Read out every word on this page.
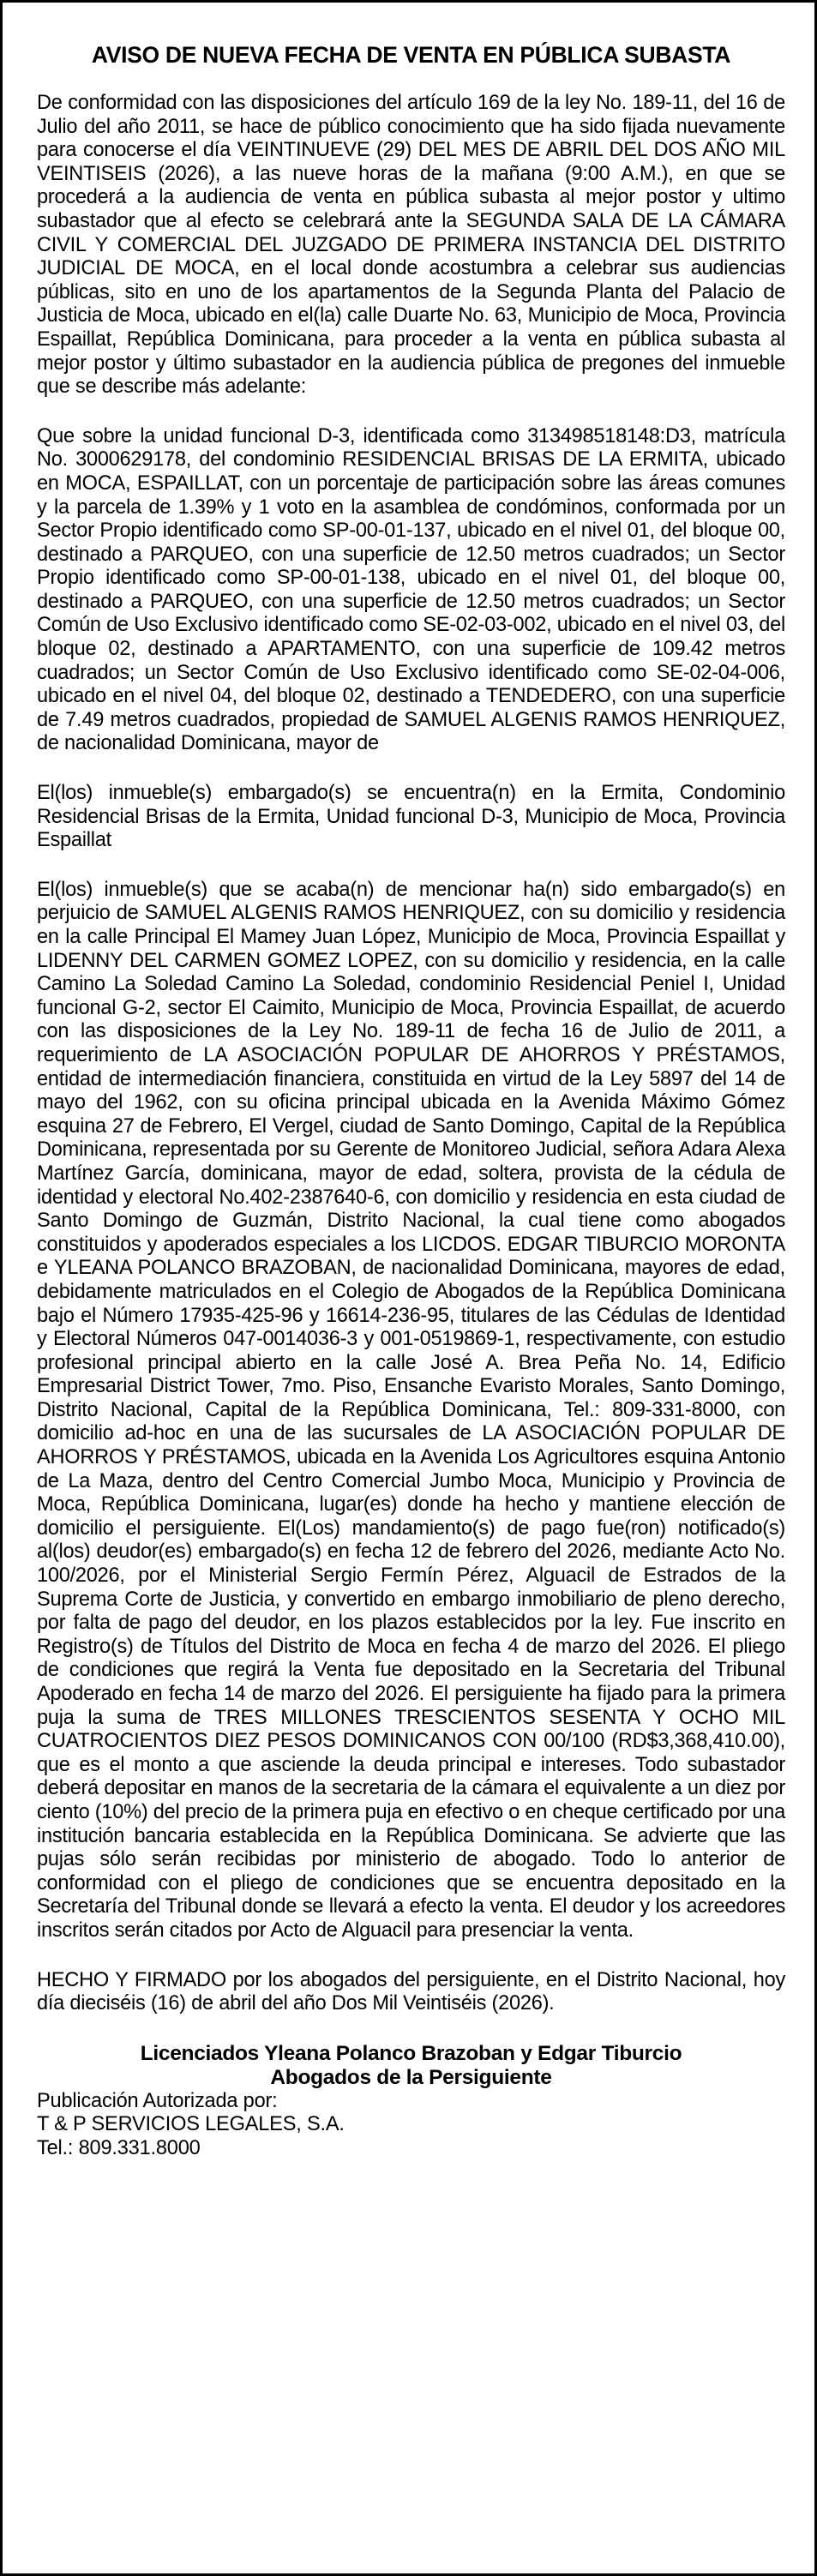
AVISO DE NUEVA FECHA DE VENTA EN PÚBLICA SUBASTA

De conformidad con las disposiciones del artículo 169 de la ley No. 189-11, del 16 de Julio del año 2011, se hace de público conocimiento que ha sido fijada nuevamente para conocerse el día VEINTINUEVE (29) DEL MES DE ABRIL DEL DOS AÑO MIL VEINTISEIS (2026), a las nueve horas de la mañana (9:00 A.M.), en que se procederá a la audiencia de venta en pública subasta al mejor postor y ultimo subastador que al efecto se celebrará ante la SEGUNDA SALA DE LA CÁMARA CIVIL Y COMERCIAL DEL JUZGADO DE PRIMERA INSTANCIA DEL DISTRITO JUDICIAL DE MOCA, en el local donde acostumbra a celebrar sus audiencias públicas, sito en uno de los apartamentos de la Segunda Planta del Palacio de Justicia de Moca, ubicado en el(la) calle Duarte No. 63, Municipio de Moca, Provincia Espaillat, República Dominicana, para proceder a la venta en pública subasta al mejor postor y último subastador en la audiencia pública de pregones del inmueble que se describe más adelante:

Que sobre la unidad funcional D-3, identificada como 313498518148:D3, matrícula No. 3000629178, del condominio RESIDENCIAL BRISAS DE LA ERMITA, ubicado en MOCA, ESPAILLAT, con un porcentaje de participación sobre las áreas comunes y la parcela de 1.39% y 1 voto en la asamblea de condóminos, conformada por un Sector Propio identificado como SP-00-01-137, ubicado en el nivel 01, del bloque 00, destinado a PARQUEO, con una superficie de 12.50 metros cuadrados; un Sector Propio identificado como SP-00-01-138, ubicado en el nivel 01, del bloque 00, destinado a PARQUEO, con una superficie de 12.50 metros cuadrados; un Sector Común de Uso Exclusivo identificado como SE-02-03-002, ubicado en el nivel 03, del bloque 02, destinado a APARTAMENTO, con una superficie de 109.42 metros cuadrados; un Sector Común de Uso Exclusivo identificado como SE-02-04-006, ubicado en el nivel 04, del bloque 02, destinado a TENDEDERO, con una superficie de 7.49 metros cuadrados, propiedad de SAMUEL ALGENIS RAMOS HENRIQUEZ, de nacionalidad Dominicana, mayor de

El(los) inmueble(s) embargado(s) se encuentra(n) en la Ermita, Condominio Residencial Brisas de la Ermita, Unidad funcional D-3, Municipio de Moca, Provincia Espaillat

El(los) inmueble(s) que se acaba(n) de mencionar ha(n) sido embargado(s) en perjuicio de SAMUEL ALGENIS RAMOS HENRIQUEZ, con su domicilio y residencia en la calle Principal El Mamey Juan López, Municipio de Moca, Provincia Espaillat y LIDENNY DEL CARMEN GOMEZ LOPEZ, con su domicilio y residencia, en la calle Camino La Soledad Camino La Soledad, condominio Residencial Peniel I, Unidad funcional G-2, sector El Caimito, Municipio de Moca, Provincia Espaillat, de acuerdo con las disposiciones de la Ley No. 189-11 de fecha 16 de Julio de 2011, a requerimiento de LA ASOCIACIÓN POPULAR DE AHORROS Y PRÉSTAMOS, entidad de intermediación financiera, constituida en virtud de la Ley 5897 del 14 de mayo del 1962, con su oficina principal ubicada en la Avenida Máximo Gómez esquina 27 de Febrero, El Vergel, ciudad de Santo Domingo, Capital de la República Dominicana, representada por su Gerente de Monitoreo Judicial, señora Adara Alexa Martínez García, dominicana, mayor de edad, soltera, provista de la cédula de identidad y electoral No.402-2387640-6, con domicilio y residencia en esta ciudad de Santo Domingo de Guzmán, Distrito Nacional, la cual tiene como abogados constituidos y apoderados especiales a los LICDOS. EDGAR TIBURCIO MORONTA e YLEANA POLANCO BRAZOBAN, de nacionalidad Dominicana, mayores de edad, debidamente matriculados en el Colegio de Abogados de la República Dominicana bajo el Número 17935-425-96 y 16614-236-95, titulares de las Cédulas de Identidad y Electoral Números 047-0014036-3 y 001-0519869-1, respectivamente, con estudio profesional principal abierto en la calle José A. Brea Peña No. 14, Edificio Empresarial District Tower, 7mo. Piso, Ensanche Evaristo Morales, Santo Domingo, Distrito Nacional, Capital de la República Dominicana, Tel.: 809-331-8000, con domicilio ad-hoc en una de las sucursales de LA ASOCIACIÓN POPULAR DE AHORROS Y PRÉSTAMOS, ubicada en la Avenida Los Agricultores esquina Antonio de La Maza, dentro del Centro Comercial Jumbo Moca, Municipio y Provincia de Moca, República Dominicana, lugar(es) donde ha hecho y mantiene elección de domicilio el persiguiente. El(Los) mandamiento(s) de pago fue(ron) notificado(s) al(los) deudor(es) embargado(s) en fecha 12 de febrero del 2026, mediante Acto No. 100/2026, por el Ministerial Sergio Fermín Pérez, Alguacil de Estrados de la Suprema Corte de Justicia, y convertido en embargo inmobiliario de pleno derecho, por falta de pago del deudor, en los plazos establecidos por la ley. Fue inscrito en Registro(s) de Títulos del Distrito de Moca en fecha 4 de marzo del 2026. El pliego de condiciones que regirá la Venta fue depositado en la Secretaria del Tribunal Apoderado en fecha 14 de marzo del 2026. El persiguiente ha fijado para la primera puja la suma de TRES MILLONES TRESCIENTOS SESENTA Y OCHO MIL CUATROCIENTOS DIEZ PESOS DOMINICANOS CON 00/100 (RD$3,368,410.00), que es el monto a que asciende la deuda principal e intereses. Todo subastador deberá depositar en manos de la secretaria de la cámara el equivalente a un diez por ciento (10%) del precio de la primera puja en efectivo o en cheque certificado por una institución bancaria establecida en la República Dominicana. Se advierte que las pujas sólo serán recibidas por ministerio de abogado. Todo lo anterior de conformidad con el pliego de condiciones que se encuentra depositado en la Secretaría del Tribunal donde se llevará a efecto la venta. El deudor y los acreedores inscritos serán citados por Acto de Alguacil para presenciar la venta.

HECHO Y FIRMADO por los abogados del persiguiente, en el Distrito Nacional, hoy día dieciséis (16) de abril del año Dos Mil Veintiséis (2026).

Licenciados Yleana Polanco Brazoban y Edgar Tiburcio

Abogados de la Persiguiente

Publicación Autorizada por:

T & P SERVICIOS LEGALES, S.A.

Tel.: 809.331.8000
